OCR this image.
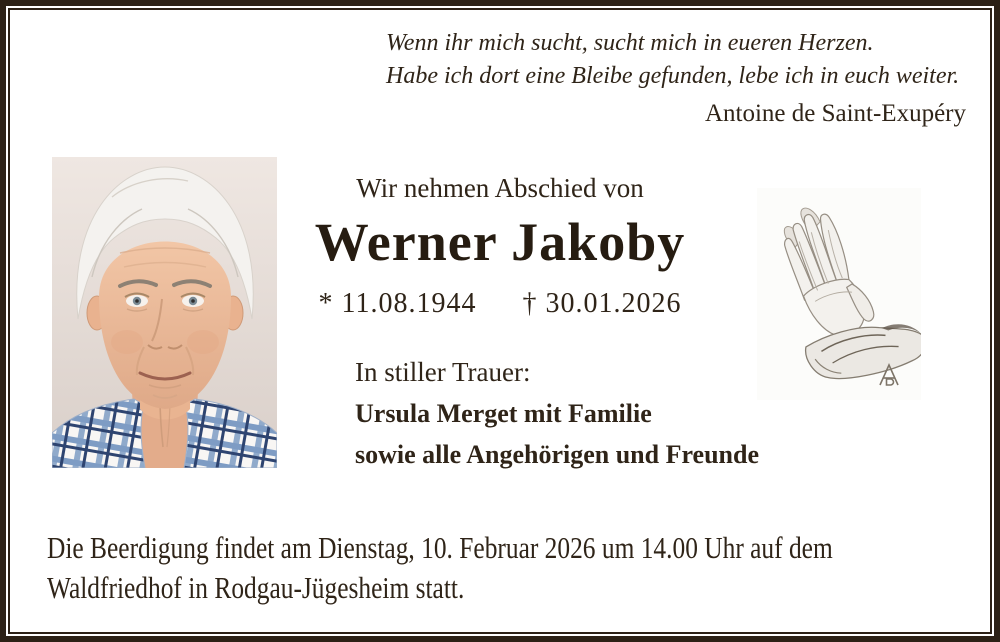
Wenn ihr mich sucht, sucht mich in eueren Herzen.
Habe ich dort eine Bleibe gefunden, lebe ich in euch weiter.
Antoine de Saint-Exupéry
Wir nehmen Abschied von
Werner Jakoby
* 11.08.1944 † 30.01.2026
In stiller Trauer:
Ursula Merget mit Familie
sowie alle Angehörigen und Freunde
Die Beerdigung findet am Dienstag, 10. Februar 2026 um 14.00 Uhr auf dem
Waldfriedhof in Rodgau-Jügesheim statt.
